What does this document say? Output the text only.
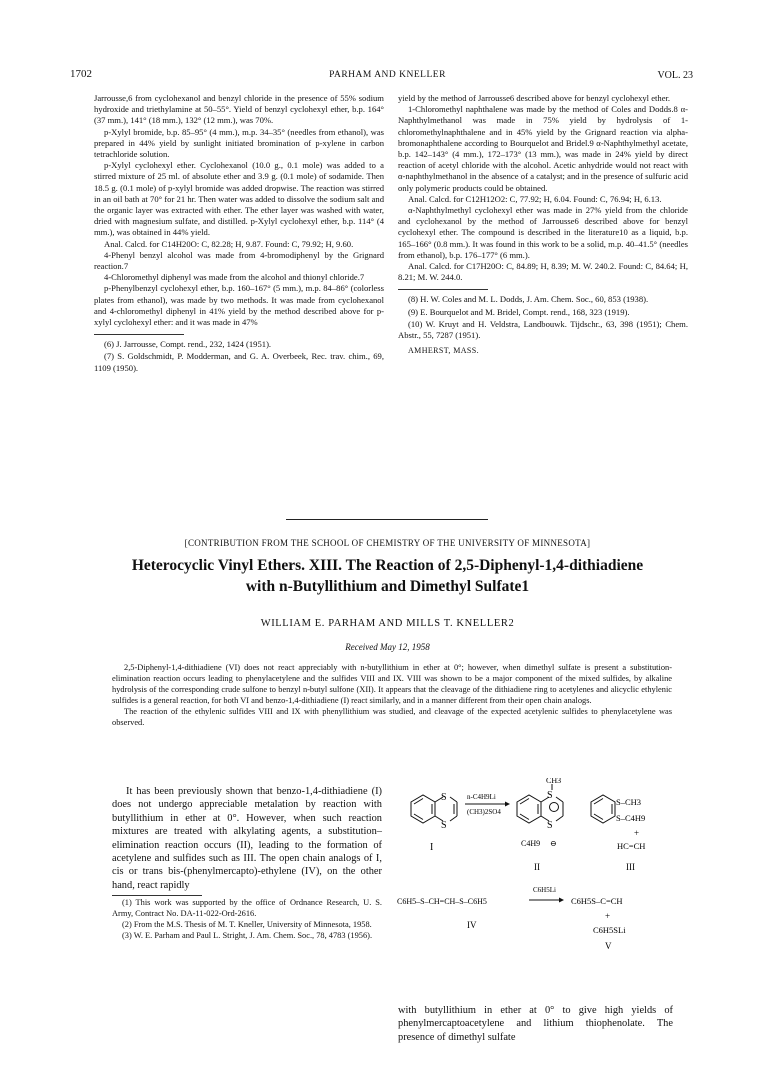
1702	PARHAM AND KNELLER	VOL. 23

Jarrousse,6 from cyclohexanol and benzyl chloride in the presence of 55% sodium hydroxide and triethylamine at 50–55°. Yield of benzyl cyclohexyl ether, b.p. 164° (37 mm.), 141° (18 mm.), 132° (12 mm.), was 70%.

p-Xylyl bromide, b.p. 85–95° (4 mm.), m.p. 34–35° (needles from ethanol), was prepared in 44% yield by sunlight initiated bromination of p-xylene in carbon tetrachloride solution.

p-Xylyl cyclohexyl ether. Cyclohexanol (10.0 g., 0.1 mole) was added to a stirred mixture of 25 ml. of absolute ether and 3.9 g. (0.1 mole) of sodamide. Then 18.5 g. (0.1 mole) of p-xylyl bromide was added dropwise. The reaction was stirred in an oil bath at 70° for 21 hr. Then water was added to dissolve the sodium salt and the organic layer was extracted with ether. The ether layer was washed with water, dried with magnesium sulfate, and distilled. p-Xylyl cyclohexyl ether, b.p. 114° (4 mm.), was obtained in 44% yield.

Anal. Calcd. for C14H20O: C, 82.28; H, 9.87. Found: C, 79.92; H, 9.60.

4-Phenyl benzyl alcohol was made from 4-bromodiphenyl by the Grignard reaction.7

4-Chloromethyl diphenyl was made from the alcohol and thionyl chloride.7

p-Phenylbenzyl cyclohexyl ether, b.p. 160–167° (5 mm.), m.p. 84–86° (colorless plates from ethanol), was made by two methods. It was made from cyclohexanol and 4-chloromethyl diphenyl in 41% yield by the method described above for p-xylyl cyclohexyl ether: and it was made in 47%

(6) J. Jarrousse, Compt. rend., 232, 1424 (1951).

(7) S. Goldschmidt, P. Modderman, and G. A. Overbeek, Rec. trav. chim., 69, 1109 (1950).

yield by the method of Jarrousse6 described above for benzyl cyclohexyl ether.

1-Chloromethyl naphthalene was made by the method of Coles and Dodds.8 α-Naphthylmethanol was made in 75% yield by hydrolysis of 1-chloromethylnaphthalene and in 45% yield by the Grignard reaction via alpha-bromonaphthalene according to Bourquelot and Bridel.9 α-Naphthylmethyl acetate, b.p. 142–143° (4 mm.), 172–173° (13 mm.), was made in 24% yield by direct reaction of acetyl chloride with the alcohol. Acetic anhydride would not react with α-naphthylmethanol in the absence of a catalyst; and in the presence of sulfuric acid only polymeric products could be obtained.

Anal. Calcd. for C12H12O2: C, 77.92; H, 6.04. Found: C, 76.94; H, 6.13.

α-Naphthylmethyl cyclohexyl ether was made in 27% yield from the chloride and cyclohexanol by the method of Jarrousse6 described above for benzyl cyclohexyl ether. The compound is described in the literature10 as a liquid, b.p. 165–166° (0.8 mm.). It was found in this work to be a solid, m.p. 40–41.5° (needles from ethanol), b.p. 176–177° (6 mm.).

Anal. Calcd. for C17H20O: C, 84.89; H, 8.39; M. W. 240.2. Found: C, 84.64; H, 8.21; M. W. 244.0.

(8) H. W. Coles and M. L. Dodds, J. Am. Chem. Soc., 60, 853 (1938).

(9) E. Bourquelot and M. Bridel, Compt. rend., 168, 323 (1919).

(10) W. Kruyt and H. Veldstra, Landbouwk. Tijdschr., 63, 398 (1951); Chem. Abstr., 55, 7287 (1951).

AMHERST, MASS.
[CONTRIBUTION FROM THE SCHOOL OF CHEMISTRY OF THE UNIVERSITY OF MINNESOTA]
Heterocyclic Vinyl Ethers. XIII. The Reaction of 2,5-Diphenyl-1,4-dithiadiene
with n-Butyllithium and Dimethyl Sulfate1
WILLIAM E. PARHAM AND MILLS T. KNELLER2
Received May 12, 1958

2,5-Diphenyl-1,4-dithiadiene (VI) does not react appreciably with n-butyllithium in ether at 0°; however, when dimethyl sulfate is present a substitution-elimination reaction occurs leading to phenylacetylene and the sulfides VIII and IX. VIII was shown to be a major component of the mixed sulfides, by alkaline hydrolysis of the corresponding crude sulfone to benzyl n-butyl sulfone (XII). It appears that the cleavage of the dithiadiene ring to acetylenes and alicyclic ethylenic sulfides is a general reaction, for both VI and benzo-1,4-dithiadiene (I) react similarly, and in a manner different from their open chain analogs.

The reaction of the ethylenic sulfides VIII and IX with phenyllithium was studied, and cleavage of the expected acetylenic sulfides to phenylacetylene was observed.

It has been previously shown that benzo-1,4-dithiadiene (I) does not undergo appreciable metalation by reaction with butyllithium in ether at 0°. However, when such reaction mixtures are treated with alkylating agents, a substitution–elimination reaction occurs (II), leading to the formation of acetylene and sulfides such as III. The open chain analogs of I, cis or trans bis-(phenylmercapto)-ethylene (IV), on the other hand, react rapidly

(1) This work was supported by the office of Ordnance Research, U. S. Army, Contract No. DA-11-022-Ord-2616.

(2) From the M.S. Thesis of M. T. Kneller, University of Minnesota, 1958.

(3) W. E. Parham and Paul L. Stright, J. Am. Chem. Soc., 78, 4783 (1956).

S
S
I
n-C4H9Li
(CH3)2SO4
CH3
S
S
C4H9 ⊖
II
S–CH3
S–C4H9
+
HC=CH
III
C6H5–S–CH=CH–S–C6H5
C6H5Li
C6H5S–C=CH
IV
+
C6H5SLi
V
with butyllithium in ether at 0° to give high yields of phenylmercaptoacetylene and lithium thiophenolate. The presence of dimethyl sulfate
